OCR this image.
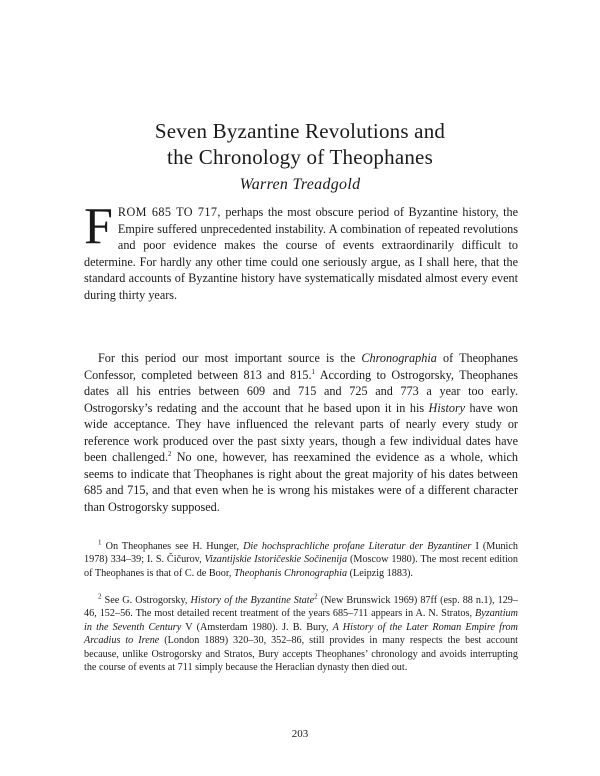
Seven Byzantine Revolutions and
the Chronology of Theophanes
Warren Treadgold
FROM 685 TO 717, perhaps the most obscure period of Byzantine history, the Empire suffered unprecedented instability. A combination of repeated revolutions and poor evidence makes the course of events extraordinarily difficult to determine. For hardly any other time could one seriously argue, as I shall here, that the standard accounts of Byzantine history have systematically misdated almost every event during thirty years.
For this period our most important source is the Chronographia of Theophanes Confessor, completed between 813 and 815.$^1$ According to Ostrogorsky, Theophanes dates all his entries between 609 and 715 and 725 and 773 a year too early. Ostrogorsky’s redating and the account that he based upon it in his History have won wide acceptance. They have influenced the relevant parts of nearly every study or reference work produced over the past sixty years, though a few individual dates have been challenged.$^2$ No one, however, has reexamined the evidence as a whole, which seems to indicate that Theophanes is right about the great majority of his dates between 685 and 715, and that even when he is wrong his mistakes were of a different character than Ostrogorsky supposed.
$^1$ On Theophanes see H. Hunger, Die hochsprachliche profane Literatur der Byzantiner I (Munich 1978) 334–39; I. S. Čičurov, Vizantijskie Istoričeskie Sočinenija (Moscow 1980). The most recent edition of Theophanes is that of C. de Boor, Theophanis Chronographia (Leipzig 1883).
$^2$ See G. Ostrogorsky, History of the Byzantine State$^2$ (New Brunswick 1969) 87ff (esp. 88 n.1), 129–46, 152–56. The most detailed recent treatment of the years 685–711 appears in A. N. Stratos, Byzantium in the Seventh Century V (Amsterdam 1980). J. B. Bury, A History of the Later Roman Empire from Arcadius to Irene (London 1889) 320–30, 352–86, still provides in many respects the best account because, unlike Ostrogorsky and Stratos, Bury accepts Theophanes’ chronology and avoids interrupting the course of events at 711 simply because the Heraclian dynasty then died out.
203
